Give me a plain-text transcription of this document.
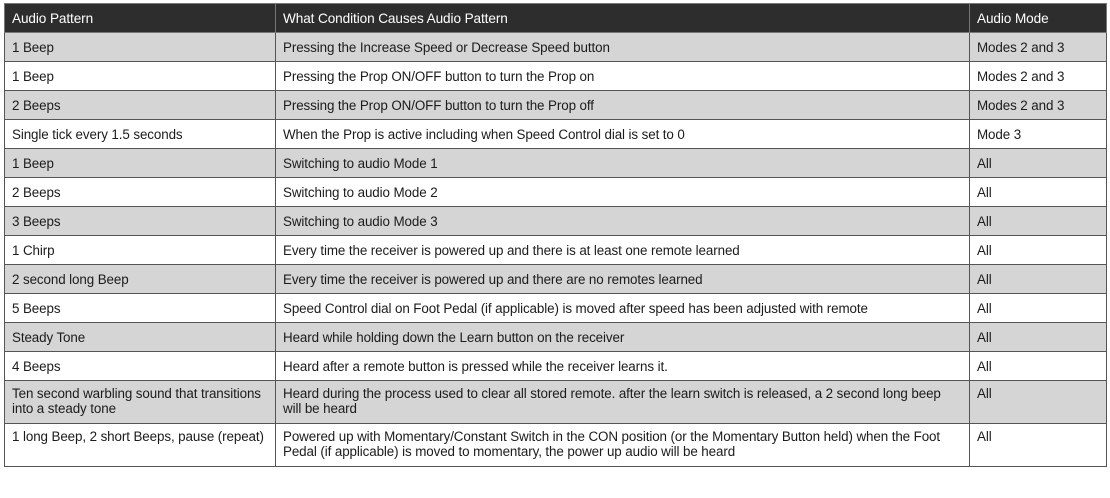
Audio Pattern	What Condition Causes Audio Pattern	Audio Mode
1 Beep	Pressing the Increase Speed or Decrease Speed button	Modes 2 and 3
1 Beep	Pressing the Prop ON/OFF button to turn the Prop on	Modes 2 and 3
2 Beeps	Pressing the Prop ON/OFF button to turn the Prop off	Modes 2 and 3
Single tick every 1.5 seconds	When the Prop is active including when Speed Control dial is set to 0	Mode 3
1 Beep	Switching to audio Mode 1	All
2 Beeps	Switching to audio Mode 2	All
3 Beeps	Switching to audio Mode 3	All
1 Chirp	Every time the receiver is powered up and there is at least one remote learned	All
2 second long Beep	Every time the receiver is powered up and there are no remotes learned	All
5 Beeps	Speed Control dial on Foot Pedal (if applicable) is moved after speed has been adjusted with remote	All
Steady Tone	Heard while holding down the Learn button on the receiver	All
4 Beeps	Heard after a remote button is pressed while the receiver learns it.	All
Ten second warbling sound that transitions into a steady tone	Heard during the process used to clear all stored remote. after the learn switch is released, a 2 second long beep will be heard	All
1 long Beep, 2 short Beeps, pause (repeat)	Powered up with Momentary/Constant Switch in the CON position (or the Momentary Button held) when the Foot Pedal (if applicable) is moved to momentary, the power up audio will be heard	All
